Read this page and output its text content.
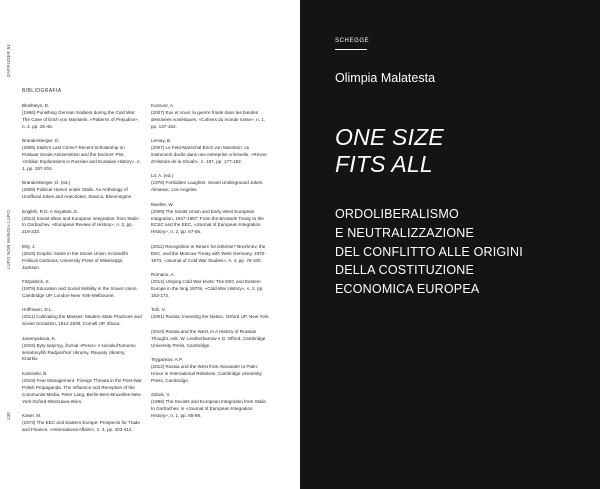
ZAPRUDER 61
LUPO NON MANGIA LUPO
130
BIBLIOGRAFIA
Bloshteyn, D.
(1996) Punishing German Soldiers during the Cold War: The Case of Erich von Manstein, «Patterns of Prejudice», n. 4, pp. 25-45.
Brandenberger, D.
(2005) Stalin's Last Crime? Recent Scholarship on Postwar Soviet Antisemitism and the Doctors' Plot, «Kritika: Explorations in Russian and Eurasian History», n. 1, pp. 187-204.
Brandenberger, D. (ed.)
(2009) Political Humor under Stalin. An Anthology of Unofficial Jokes and Anecdotes, Slavica, Bloomington.
English, R.D. e Svyatets, E.
(2014) Soviet elites and European integration: from Stalin to Gorbachev, «European Review of History», n. 2, pp. 219-233.
Etty, J.
(2019) Graphic Satire in the Soviet Union. Krokodil's Political Cartoons, University Press of Mississippi, Jackson.
Fitzpatrick, S.
(1979) Education and Social Mobility in the Soviet Union, Cambridge UP, London-New York-Melbourne.
Hoffmann, D.L.
(2011) Cultivating the Masses: Modern State Practices and Soviet Socialism, 1914-1939, Cornell UP, Ithaca.
Jaremyakova, K.
(2016) Byty satyrnyj. Žurnal «Perec» v sociokul'turnomu seredovyšči Radjans'koï Ukraïny, Ravyaty Ukraïny, Kharkiv.
Kaminski, B.
(2019) Fear Management. Foreign Threats in the Post-War Polish Propaganda. The Influence and Reception of the Communist Media, Peter Lang, Berlin-Bern-Bruxelles-New York-Oxford-Warszawa-Wien.
Kaser, M.
(1973) The EEC and Eastern Europe: Prospects for Trade and Finance, «International Affairs», n. 3, pp. 402-412.
Kozovoï, A.
(2007) Eux et nous: la guerre froide dans les bandes dessinées soviétiques, «Cahiers du monde russe», n. 1, pp. 137-152.
Lemay, B.
(2007) Le Feld-Maréchal Erich von Manstein: un instrument docile dans une entreprise criminelle, «Revue d'Histoire de la Shoah», n. 187, pp. 177-192.
Lit, A. (ed.)
(1976) Forbidden Laughter. Soviet Underground Jokes, Almanac, Los Angeles.
Mueller, W.
(2009) The Soviet Union and Early West European Integration, 1947-1957: From the Brussels Treaty to the ECSC and the EEC, «Journal of European Integration History», n. 2, pp. 67-85.
(2011) Recognition in Return for Détente? Brezhnev, the EEC, and the Moscow Treaty with West Germany, 1970-1973, «Journal of Cold War Studies», n. 4, pp. 79-100.
Romano, A.
(2014) Untying Cold War knots: The EEC and Eastern Europe in the long 1970s, «Cold War History», n. 2, pp. 153-173.
Tolz, V.
(2001) Russia: Inventing the Nation, Oxford UP, New York.
(2010) Russia and the West, in A History of Russian Thought, eds. W. Leatherbarrow e D. Offord, Cambridge University Press, Cambridge.
Tsygankov, A.P.
(2012) Russia and the West from Alexander to Putin: Honor in International Relations, Cambridge University Press, Cambridge.
Zubok, V.
(1996) The Soviets and European Integration from Stalin to Gorbachev, in «Journal of European Integration History», n. 1, pp. 85-98.
SCHEGGE
Olimpia Malatesta
ONE SIZE
FITS ALL
ORDOLIBERALISMO
E NEUTRALIZZAZIONE
DEL CONFLITTO ALLE ORIGINI
DELLA COSTITUZIONE
ECONOMICA EUROPEA
